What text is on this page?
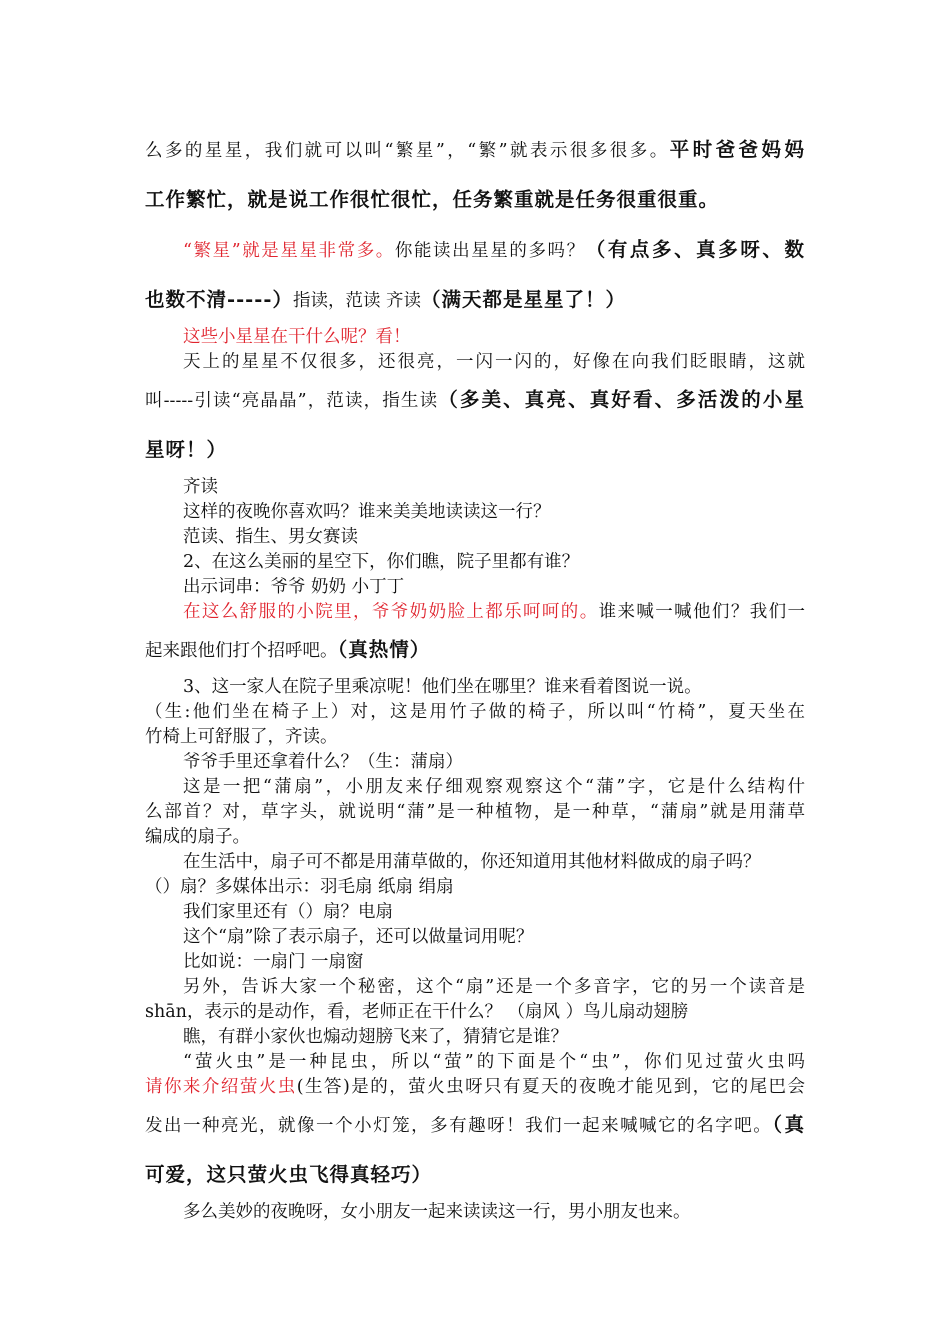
么多的星星，我们就可以叫“繁星”，“繁”就表示很多很多。平时爸爸妈妈
工作繁忙，就是说工作很忙很忙，任务繁重就是任务很重很重。
“繁星”就是星星非常多。你能读出星星的多吗？（有点多、真多呀、数
也数不清-----）指读，范读 齐读（满天都是星星了！）
这些小星星在干什么呢？看！
天上的星星不仅很多，还很亮，一闪一闪的，好像在向我们眨眼睛，这就
叫-----引读“亮晶晶”，范读，指生读（多美、真亮、真好看、多活泼的小星
星呀！）
齐读
这样的夜晚你喜欢吗？谁来美美地读读这一行？
范读、指生、男女赛读
2、在这么美丽的星空下，你们瞧，院子里都有谁？
出示词串：爷爷 奶奶 小丁丁
在这么舒服的小院里，爷爷奶奶脸上都乐呵呵的。谁来喊一喊他们？我们一
起来跟他们打个招呼吧。（真热情）
3、这一家人在院子里乘凉呢！他们坐在哪里？谁来看着图说一说。
（生:他们坐在椅子上）对，这是用竹子做的椅子，所以叫“竹椅”，夏天坐在
竹椅上可舒服了，齐读。
爷爷手里还拿着什么？（生：蒲扇）
这是一把“蒲扇”，小朋友来仔细观察观察这个“蒲”字，它是什么结构什
么部首？对，草字头，就说明“蒲”是一种植物，是一种草，“蒲扇”就是用蒲草
编成的扇子。
在生活中，扇子可不都是用蒲草做的，你还知道用其他材料做成的扇子吗？
（）扇？多媒体出示：羽毛扇 纸扇 绢扇
我们家里还有（）扇？电扇
这个“扇”除了表示扇子，还可以做量词用呢？
比如说：一扇门 一扇窗
另外，告诉大家一个秘密，这个“扇”还是一个多音字，它的另一个读音是
shān，表示的是动作，看，老师正在干什么？ （扇风 ）鸟儿扇动翅膀
瞧，有群小家伙也煽动翅膀飞来了，猜猜它是谁？
“萤火虫”是一种昆虫，所以“萤”的下面是个“虫”，你们见过萤火虫吗
请你来介绍萤火虫(生答)是的，萤火虫呀只有夏天的夜晚才能见到，它的尾巴会
发出一种亮光，就像一个小灯笼，多有趣呀！我们一起来喊喊它的名字吧。（真
可爱，这只萤火虫飞得真轻巧）
多么美妙的夜晚呀，女小朋友一起来读读这一行，男小朋友也来。
